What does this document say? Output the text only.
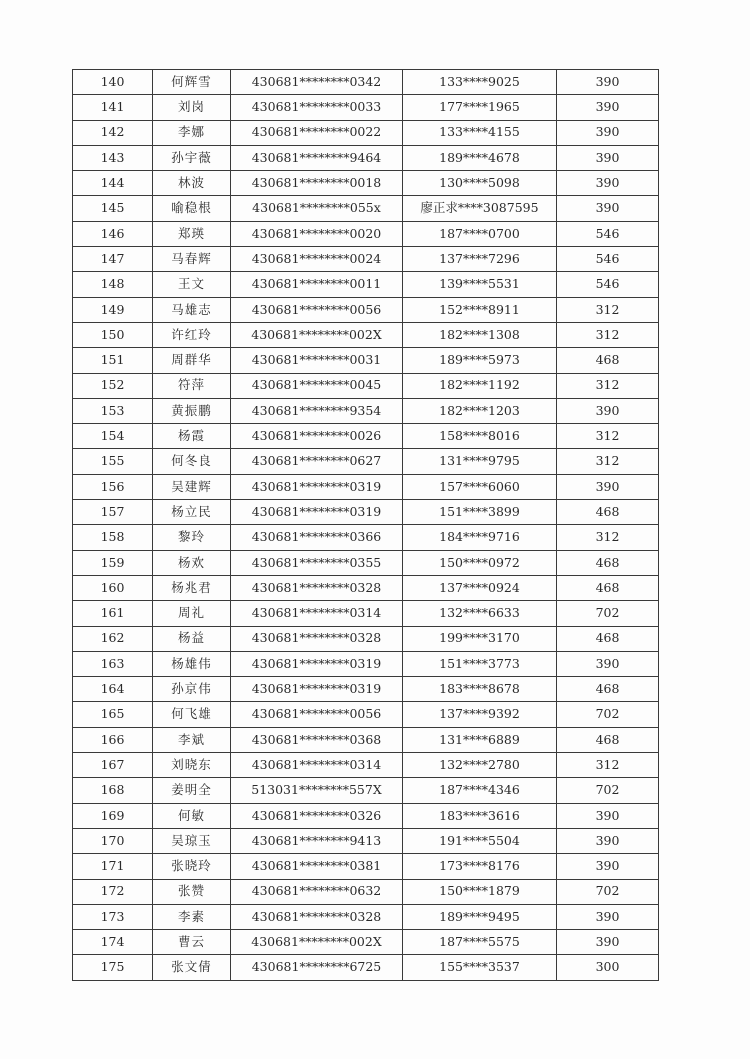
140	何辉雪	430681********0342	133****9025	390
141	刘岗	430681********0033	177****1965	390
142	李娜	430681********0022	133****4155	390
143	孙宇薇	430681********9464	189****4678	390
144	林波	430681********0018	130****5098	390
145	喻稳根	430681********055x	廖正求****3087595	390
146	郑瑛	430681********0020	187****0700	546
147	马春辉	430681********0024	137****7296	546
148	王文	430681********0011	139****5531	546
149	马雄志	430681********0056	152****8911	312
150	许红玲	430681********002X	182****1308	312
151	周群华	430681********0031	189****5973	468
152	符萍	430681********0045	182****1192	312
153	黄振鹏	430681********9354	182****1203	390
154	杨霞	430681********0026	158****8016	312
155	何冬良	430681********0627	131****9795	312
156	吴建辉	430681********0319	157****6060	390
157	杨立民	430681********0319	151****3899	468
158	黎玲	430681********0366	184****9716	312
159	杨欢	430681********0355	150****0972	468
160	杨兆君	430681********0328	137****0924	468
161	周礼	430681********0314	132****6633	702
162	杨益	430681********0328	199****3170	468
163	杨雄伟	430681********0319	151****3773	390
164	孙京伟	430681********0319	183****8678	468
165	何飞雄	430681********0056	137****9392	702
166	李斌	430681********0368	131****6889	468
167	刘晓东	430681********0314	132****2780	312
168	姜明全	513031********557X	187****4346	702
169	何敏	430681********0326	183****3616	390
170	吴琼玉	430681********9413	191****5504	390
171	张晓玲	430681********0381	173****8176	390
172	张赞	430681********0632	150****1879	702
173	李素	430681********0328	189****9495	390
174	曹云	430681********002X	187****5575	390
175	张文倩	430681********6725	155****3537	300
